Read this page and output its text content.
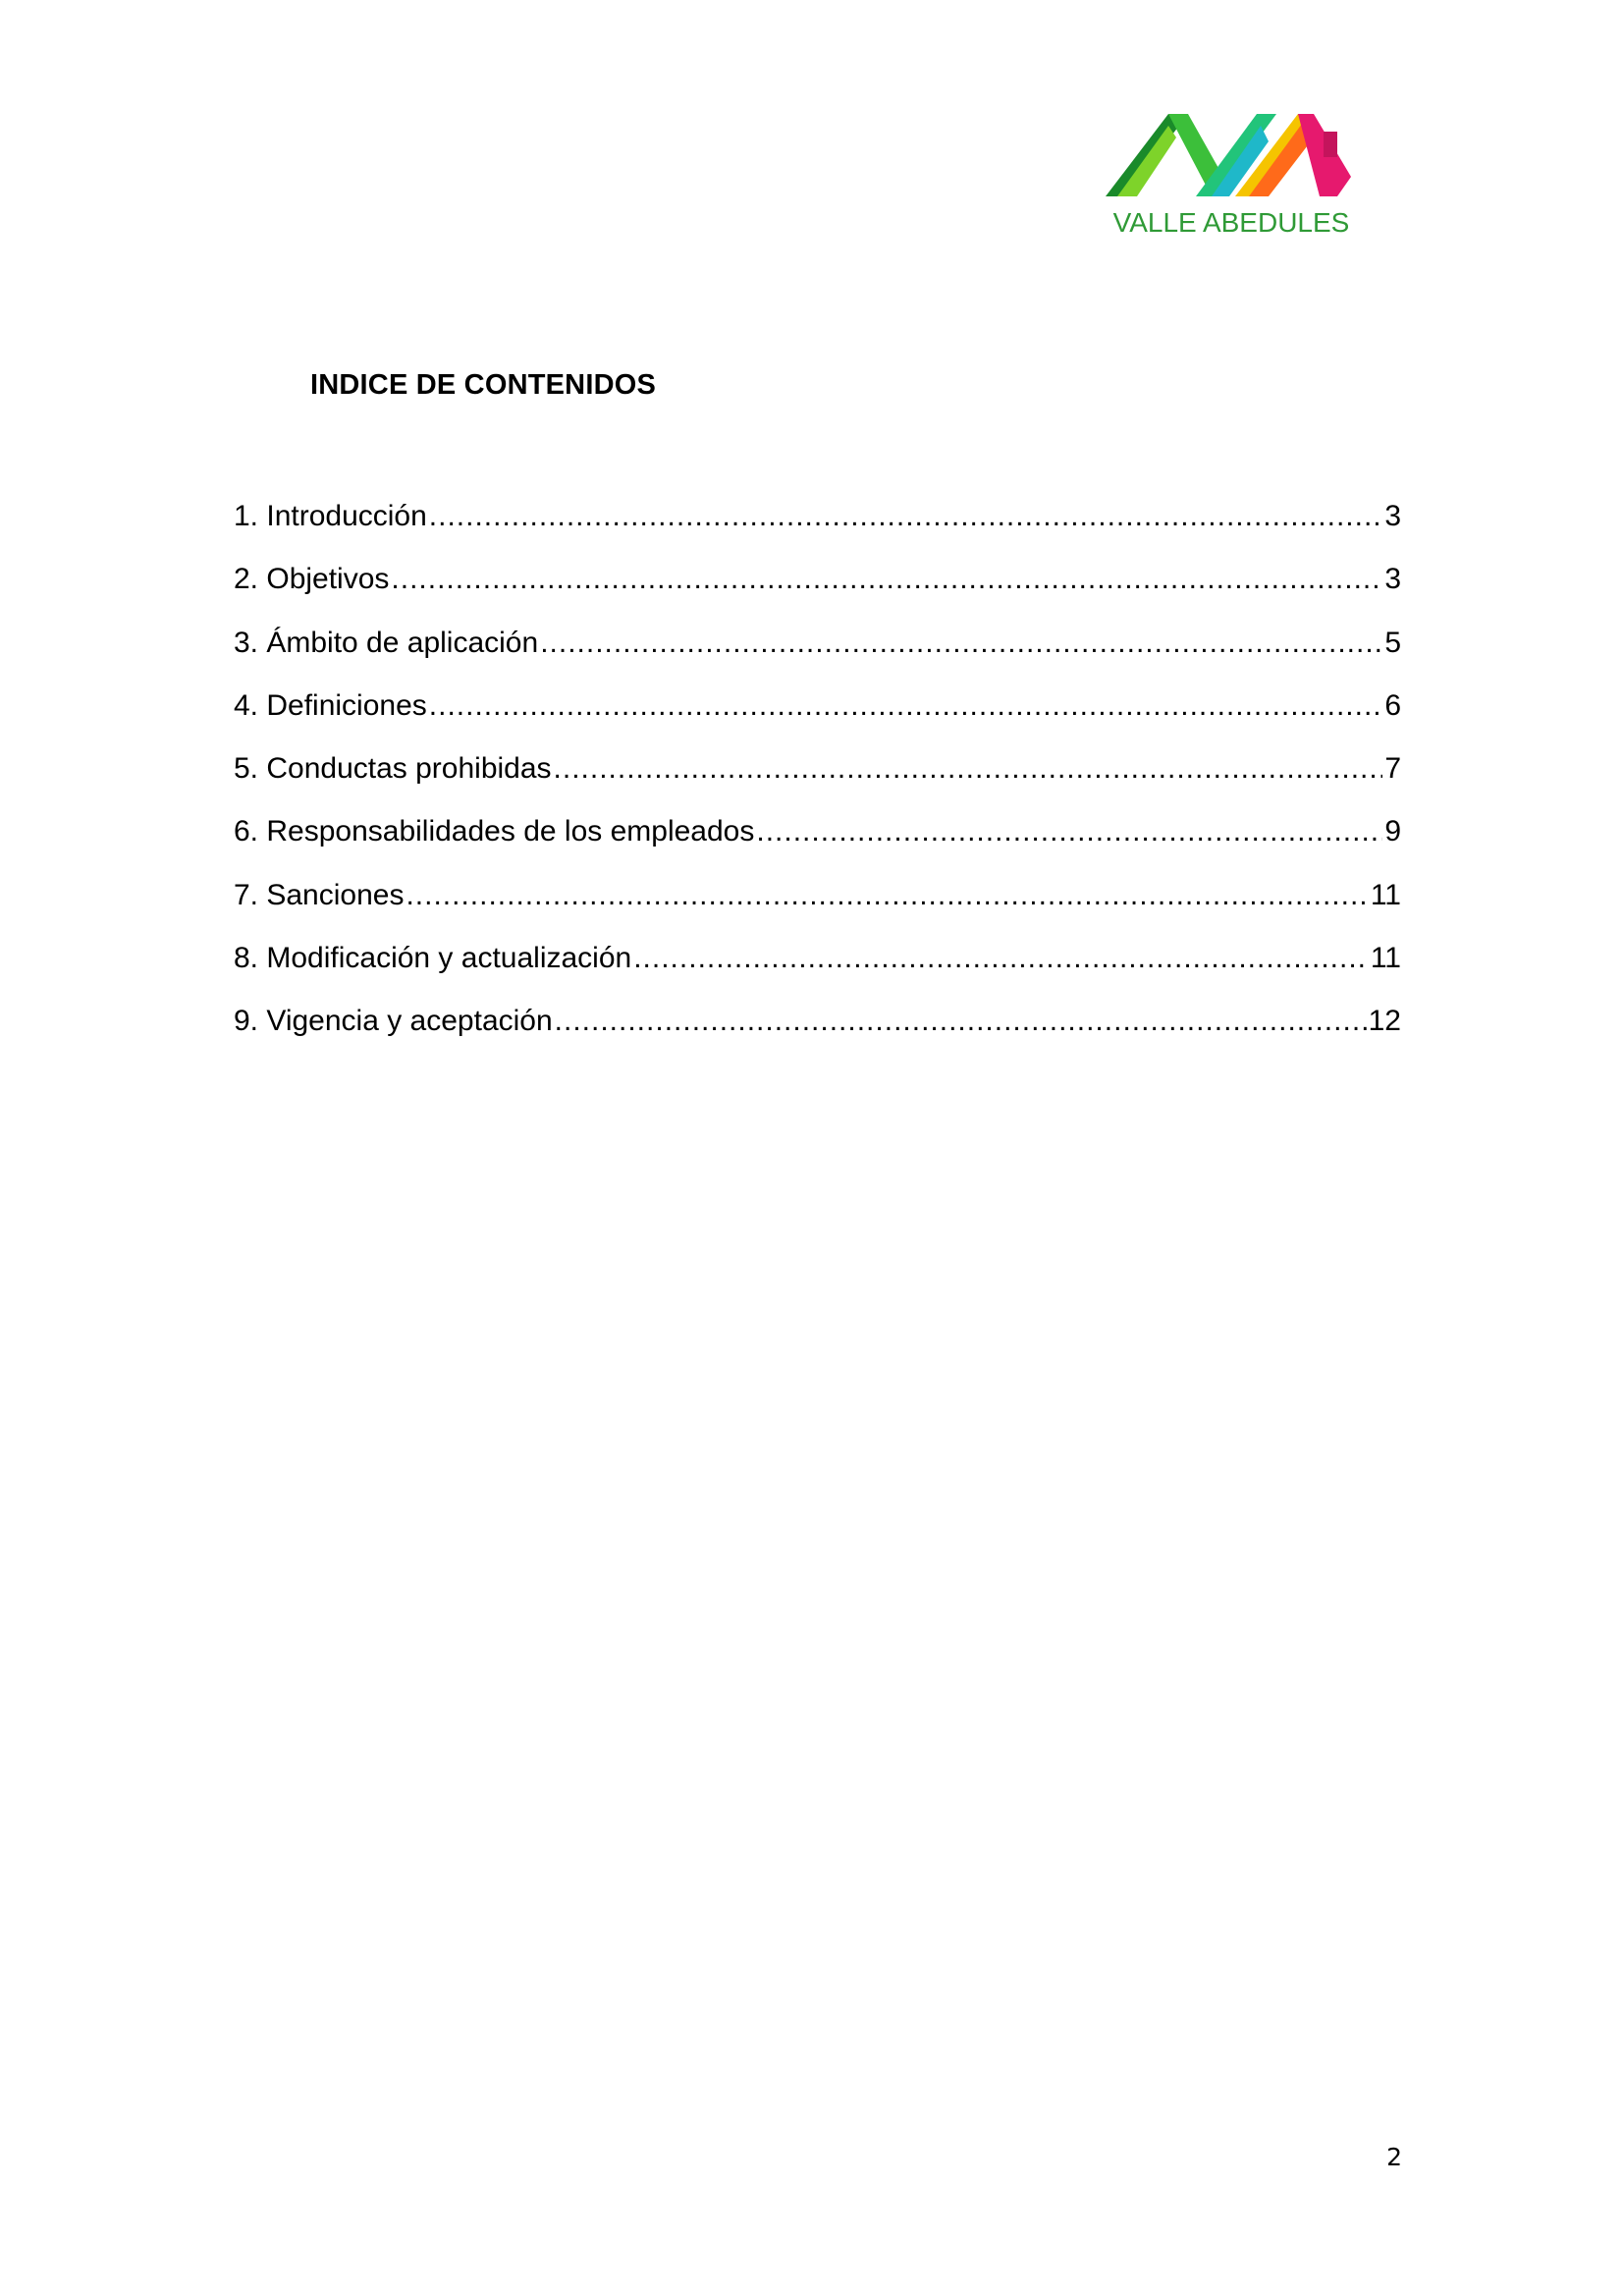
VALLE ABEDULES
INDICE DE CONTENIDOS
1. Introducción .....	3
2. Objetivos .....	3
3. Ámbito de aplicación .....	5
4. Definiciones .....	6
5. Conductas prohibidas .....	7
6. Responsabilidades de los empleados .....	9
7. Sanciones .....	11
8. Modificación y actualización .....	11
9. Vigencia y aceptación .....	12
2
